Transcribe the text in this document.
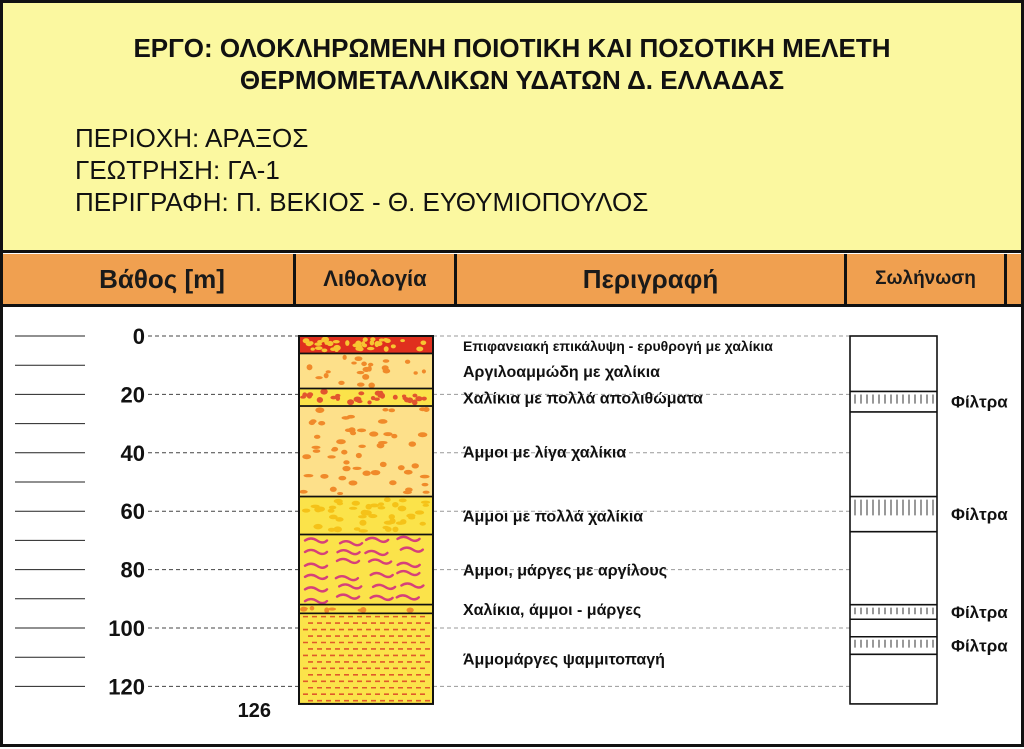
ΕΡΓΟ: ΟΛΟΚΛΗΡΩΜΕΝΗ ΠΟΙΟΤΙΚΗ ΚΑΙ ΠΟΣΟΤΙΚΗ ΜΕΛΕΤΗ
ΘΕΡΜΟΜΕΤΑΛΛΙΚΩΝ ΥΔΑΤΩΝ Δ. ΕΛΛΑΔΑΣ
ΠΕΡΙΟΧΗ: ΑΡΑΞΟΣ
ΓΕΩΤΡΗΣΗ: ΓΑ-1
ΠΕΡΙΓΡΑΦΗ: Π. ΒΕΚΙΟΣ - Θ. ΕΥΘΥΜΙΟΠΟΥΛΟΣ
Βάθος [m]	Λιθολογία	Περιγραφή	Σωλήνωση
0
20
40
60
80
100
120
126
Επιφανειακή επικάλυψη - ερυθρογή με χαλίκια
Αργιλοαμμώδη με χαλίκια
Χαλίκια με πολλά απολιθώματα
Άμμοι με λίγα χαλίκια
Άμμοι με πολλά χαλίκια
Αμμοι, μάργες με αργίλους
Χαλίκια, άμμοι - μάργες
Άμμομάργες ψαμμιτοπαγή
Φίλτρα
Φίλτρα
Φίλτρα
Φίλτρα
